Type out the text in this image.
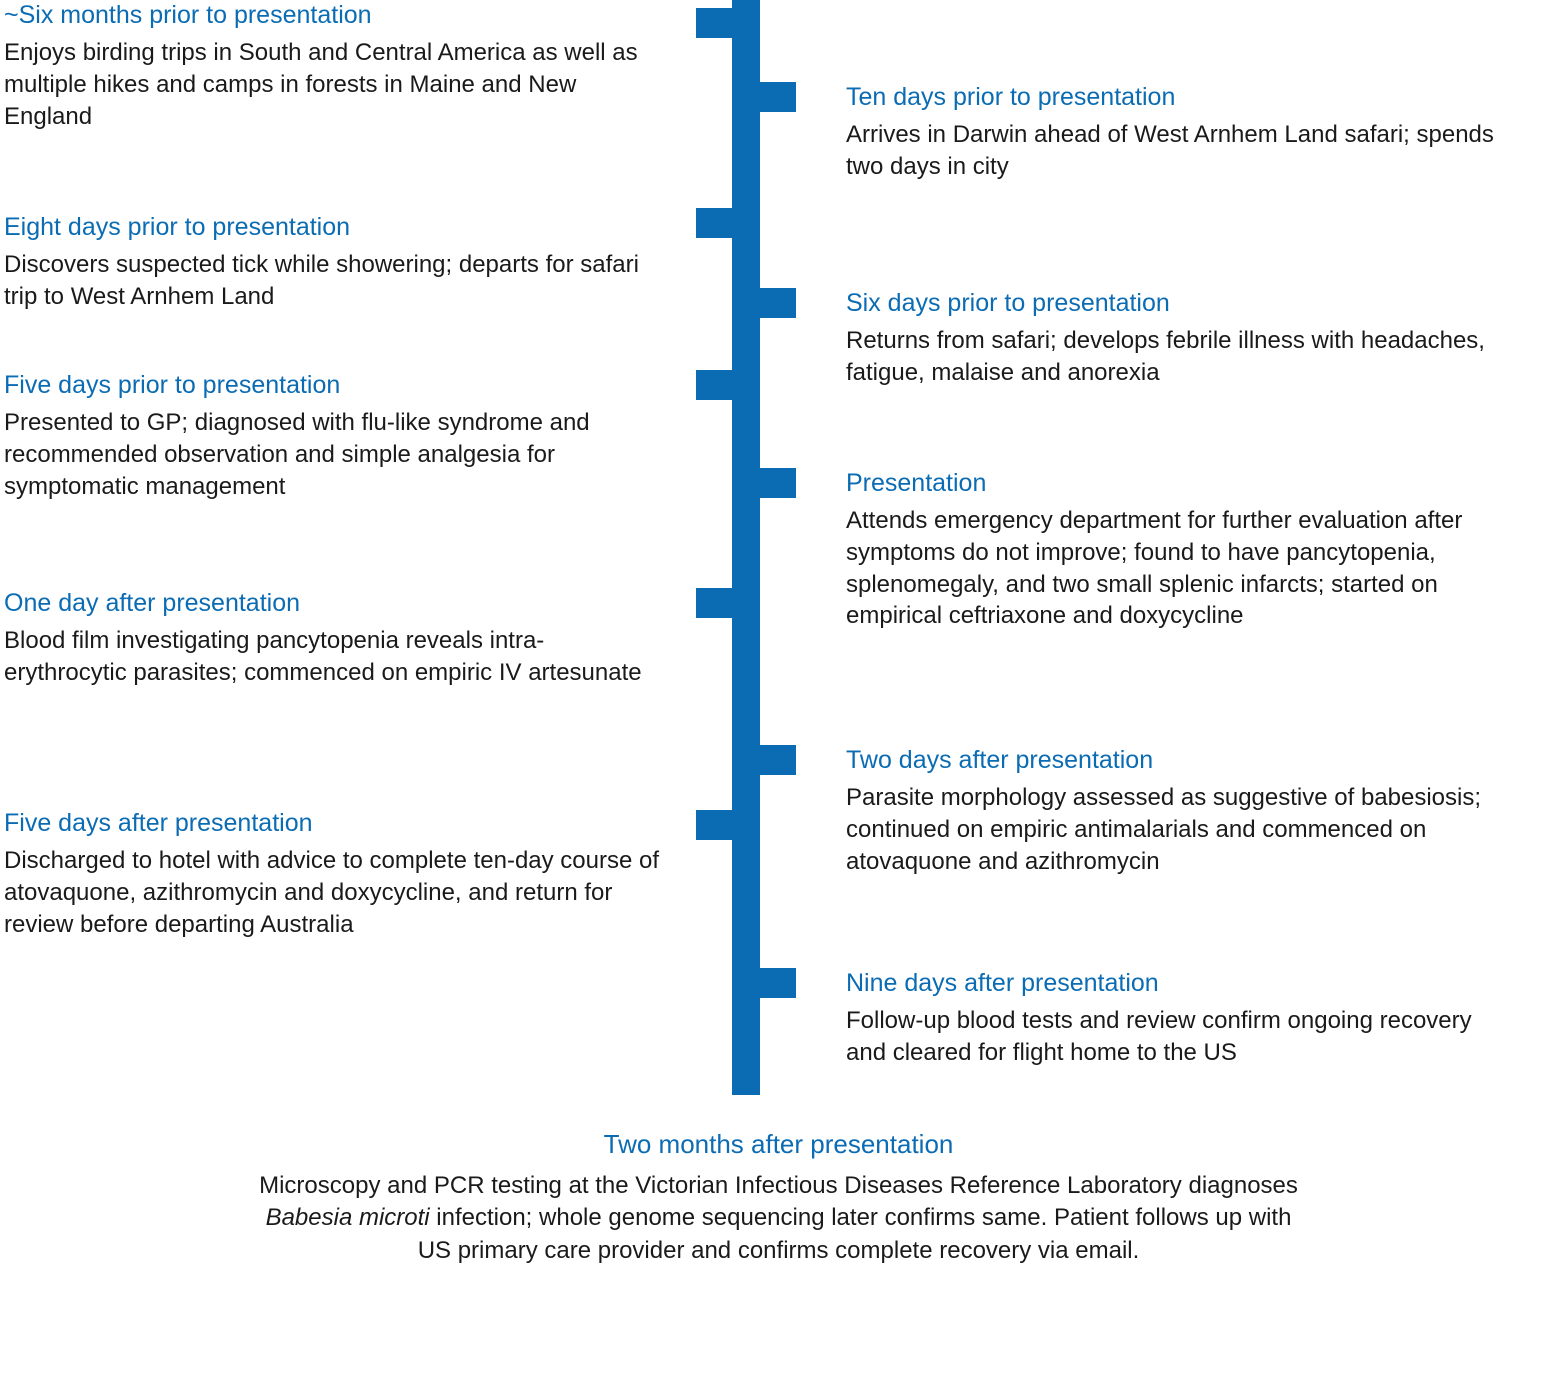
~Six months prior to presentation
Enjoys birding trips in South and Central America as well as multiple hikes and camps in forests in Maine and New England
Eight days prior to presentation
Discovers suspected tick while showering; departs for safari trip to West Arnhem Land
Five days prior to presentation
Presented to GP; diagnosed with flu-like syndrome and recommended observation and simple analgesia for symptomatic management
One day after presentation
Blood film investigating pancytopenia reveals intra-erythrocytic parasites; commenced on empiric IV artesunate
Five days after presentation
Discharged to hotel with advice to complete ten-day course of atovaquone, azithromycin and doxycycline, and return for review before departing Australia
Ten days prior to presentation
Arrives in Darwin ahead of West Arnhem Land safari; spends two days in city
Six days prior to presentation
Returns from safari; develops febrile illness with headaches, fatigue, malaise and anorexia
Presentation
Attends emergency department for further evaluation after symptoms do not improve; found to have pancytopenia, splenomegaly, and two small splenic infarcts; started on empirical ceftriaxone and doxycycline
Two days after presentation
Parasite morphology assessed as suggestive of babesiosis; continued on empiric antimalarials and commenced on atovaquone and azithromycin
Nine days after presentation
Follow-up blood tests and review confirm ongoing recovery and cleared for flight home to the US
Two months after presentation
Microscopy and PCR testing at the Victorian Infectious Diseases Reference Laboratory diagnoses Babesia microti infection; whole genome sequencing later confirms same. Patient follows up with US primary care provider and confirms complete recovery via email.
